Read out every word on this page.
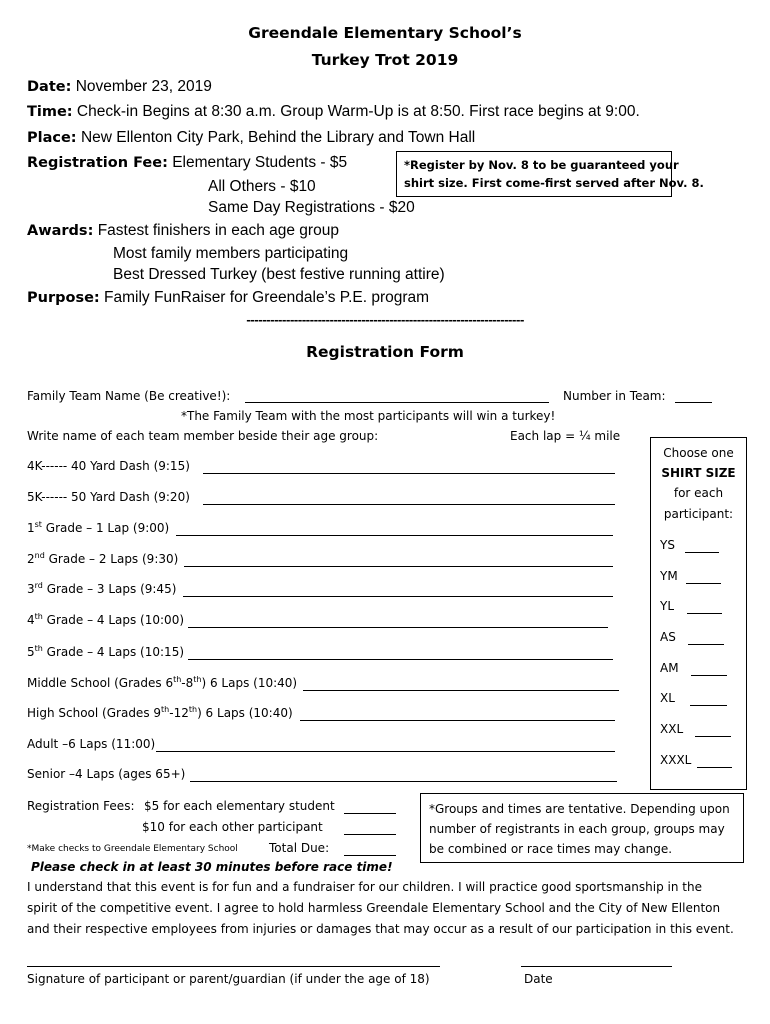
Greendale Elementary School’s
Turkey Trot 2019
Date: November 23, 2019
Time: Check-in Begins at 8:30 a.m. Group Warm-Up is at 8:50. First race begins at 9:00.
Place: New Ellenton City Park, Behind the Library and Town Hall
Registration Fee: Elementary Students - $5
All Others - $10
Same Day Registrations - $20
*Register by Nov. 8 to be guaranteed your
shirt size. First come-first served after Nov. 8.
Awards: Fastest finishers in each age group
Most family members participating
Best Dressed Turkey (best festive running attire)
Purpose: Family FunRaiser for Greendale’s P.E. program
----------------------------------------------------------------------
Registration Form
Family Team Name (Be creative!):	Number in Team:
*The Family Team with the most participants will win a turkey!
Write name of each team member beside their age group:	Each lap = ¼ mile
4K------ 40 Yard Dash (9:15)
5K------ 50 Yard Dash (9:20)
1st Grade – 1 Lap (9:00)
2nd Grade – 2 Laps (9:30)
3rd Grade – 3 Laps (9:45)
4th Grade – 4 Laps (10:00)
5th Grade – 4 Laps (10:15)
Middle School (Grades 6th-8th) 6 Laps (10:40)
High School (Grades 9th-12th) 6 Laps (10:40)
Adult –6 Laps (11:00)
Senior –4 Laps (ages 65+)
Choose one
SHIRT SIZE
for each
participant:
YS
YM
YL
AS
AM
XL
XXL
XXXL
Registration Fees: $5 for each elementary student
$10 for each other participant
*Make checks to Greendale Elementary School	Total Due:
*Groups and times are tentative. Depending upon
number of registrants in each group, groups may
be combined or race times may change.
Please check in at least 30 minutes before race time!
I understand that this event is for fun and a fundraiser for our children. I will practice good sportsmanship in the
spirit of the competitive event. I agree to hold harmless Greendale Elementary School and the City of New Ellenton
and their respective employees from injuries or damages that may occur as a result of our participation in this event.
Signature of participant or parent/guardian (if under the age of 18)	Date
